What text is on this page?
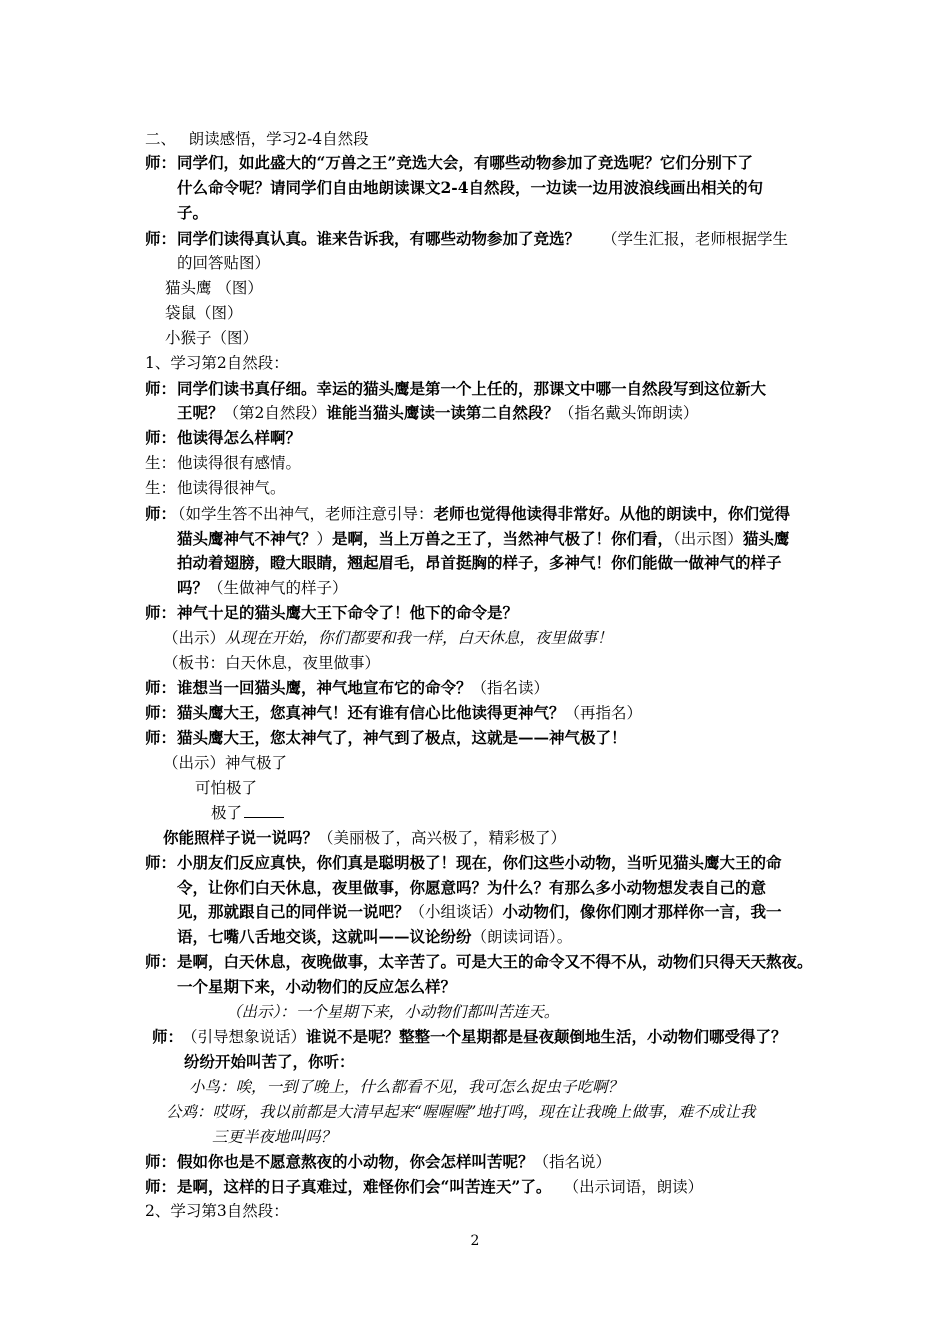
二、　 朗读感悟，学习2-4自然段
师： 同学们，如此盛大的“万兽之王”竞选大会，有哪些动物参加了竞选呢？它们分别下了
什么命令呢？请同学们自由地朗读课文2-4自然段，一边读一边用波浪线画出相关的句
子。
师： 同学们读得真认真。谁来告诉我，有哪些动物参加了竞选？ （学生汇报，老师根据学生
的回答贴图）
猫头鹰 （图）
袋鼠（图）
小猴子（图）
1、学习第2自然段：
师： 同学们读书真仔细。幸运的猫头鹰是第一个上任的，那课文中哪一自然段写到这位新大
王呢？（第2自然段）谁能当猫头鹰读一读第二自然段？（指名戴头饰朗读）
师： 他读得怎么样啊？
生： 他读得很有感情。
生： 他读得很神气。
师：
（如学生答不出神气，老师注意引导：老师也觉得他读得非常好。从他的朗读中，你们觉得
猫头鹰神气不神气？）是啊，当上万兽之王了，当然神气极了！你们看，（出示图）猫头鹰
拍动着翅膀，瞪大眼睛，翘起眉毛，昂首挺胸的样子，多神气！你们能做一做神气的样子
吗？（生做神气的样子）
师： 神气十足的猫头鹰大王下命令了！他下的命令是？
（出示）从现在开始，你们都要和我一样，白天休息，夜里做事！
（板书：白天休息，夜里做事）
师： 谁想当一回猫头鹰，神气地宣布它的命令？（指名读）
师： 猫头鹰大王，您真神气！还有谁有信心比他读得更神气？（再指名）
师： 猫头鹰大王，您太神气了，神气到了极点，这就是——神气极了！
（出示）神气极了
可怕极了
极了
你能照样子说一说吗？（美丽极了，高兴极了，精彩极了）
师： 小朋友们反应真快，你们真是聪明极了！现在，你们这些小动物，当听见猫头鹰大王的命
令，让你们白天休息，夜里做事，你愿意吗？为什么？有那么多小动物想发表自己的意
见，那就跟自己的同伴说一说吧？（小组谈话）小动物们，像你们刚才那样你一言，我一
语，七嘴八舌地交谈，这就叫——议论纷纷（朗读词语）。
师： 是啊，白天休息，夜晚做事，太辛苦了。可是大王的命令又不得不从，动物们只得天天熬夜。
一个星期下来，小动物们的反应怎么样？
（出示）：一个星期下来，小动物们都叫苦连天。
师：
（引导想象说话）谁说不是呢？整整一个星期都是昼夜颠倒地生活，小动物们哪受得了？
纷纷开始叫苦了，你听：
小鸟：唉，一到了晚上，什么都看不见，我可怎么捉虫子吃啊？
公鸡：哎呀，我以前都是大清早起来“喔喔喔”地打鸣，现在让我晚上做事，难不成让我
三更半夜地叫吗？
师： 假如你也是不愿意熬夜的小动物，你会怎样叫苦呢？（指名说）
师： 是啊，这样的日子真难过，难怪你们会“叫苦连天”了。 （出示词语，朗读）
2、学习第3自然段：
2
